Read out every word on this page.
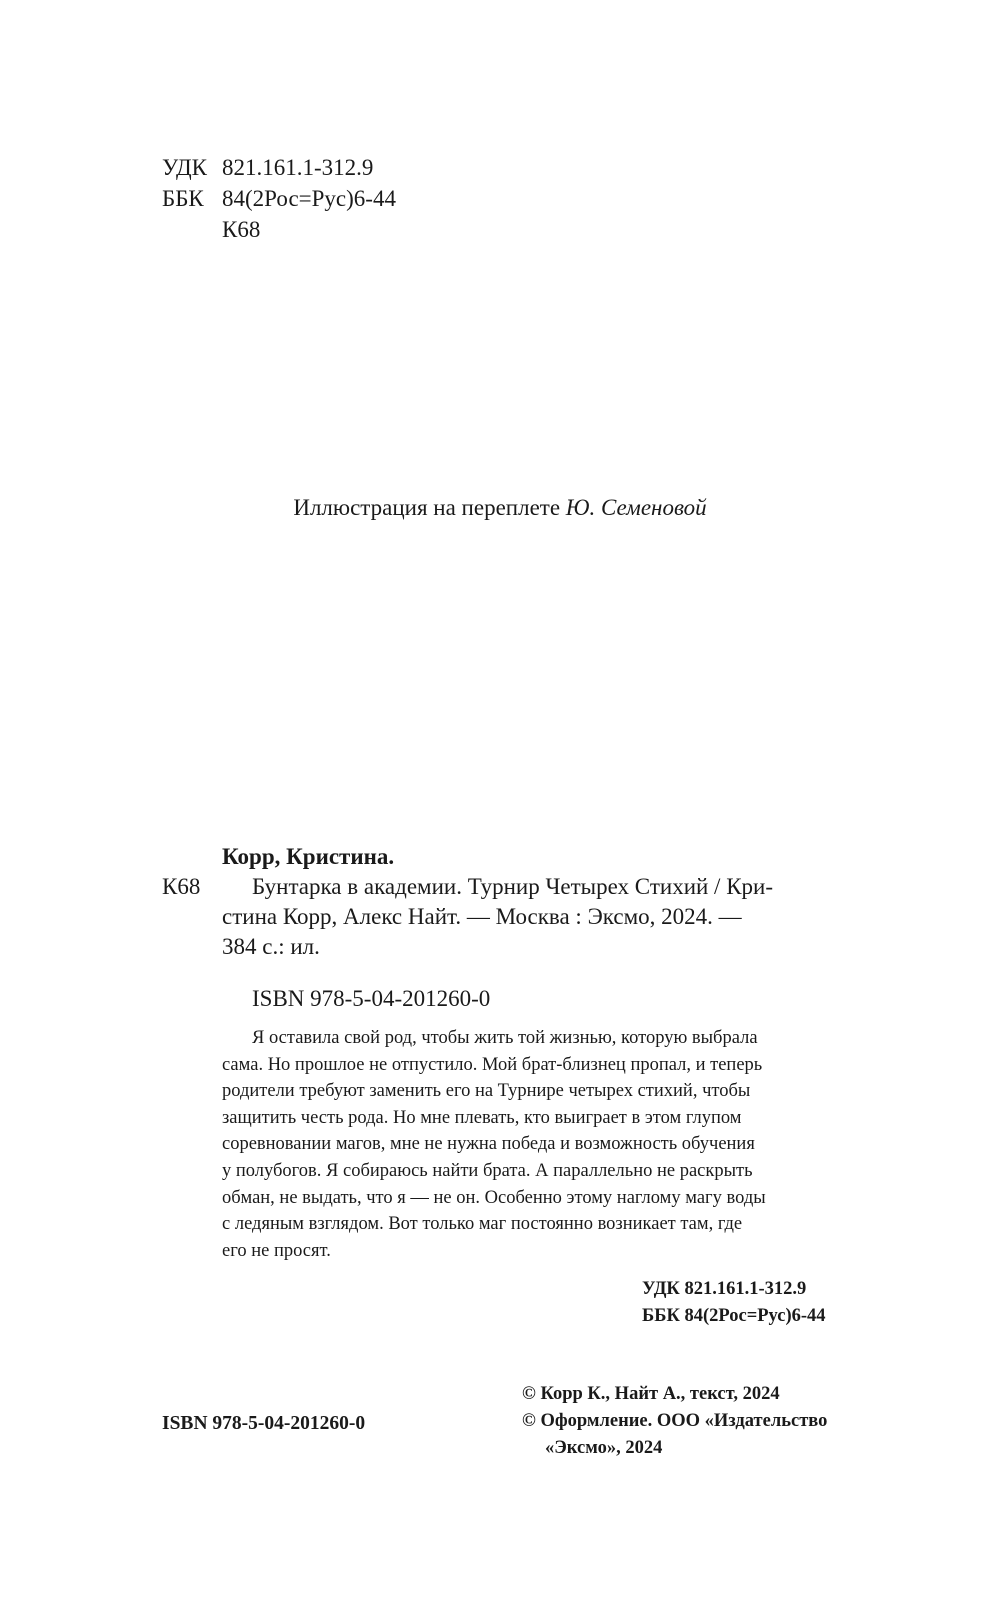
УДК 821.161.1-312.9
ББК 84(2Рос=Рус)6-44
К68
Иллюстрация на переплете Ю. Семеновой
Корр, Кристина.
К68 Бунтарка в академии. Турнир Четырех Стихий / Кри-
стина Корр, Алекс Найт. — Москва : Эксмо, 2024. —
384 с.: ил.
ISBN 978-5-04-201260-0
Я оставила свой род, чтобы жить той жизнью, которую выбрала
сама. Но прошлое не отпустило. Мой брат-близнец пропал, и теперь
родители требуют заменить его на Турнире четырех стихий, чтобы
защитить честь рода. Но мне плевать, кто выиграет в этом глупом
соревновании магов, мне не нужна победа и возможность обучения
у полубогов. Я собираюсь найти брата. А параллельно не раскрыть
обман, не выдать, что я — не он. Особенно этому наглому магу воды
с ледяным взглядом. Вот только маг постоянно возникает там, где
его не просят.
УДК 821.161.1-312.9
ББК 84(2Рос=Рус)6-44
ISBN 978-5-04-201260-0
© Корр К., Найт А., текст, 2024
© Оформление. ООО «Издательство
«Эксмо», 2024
